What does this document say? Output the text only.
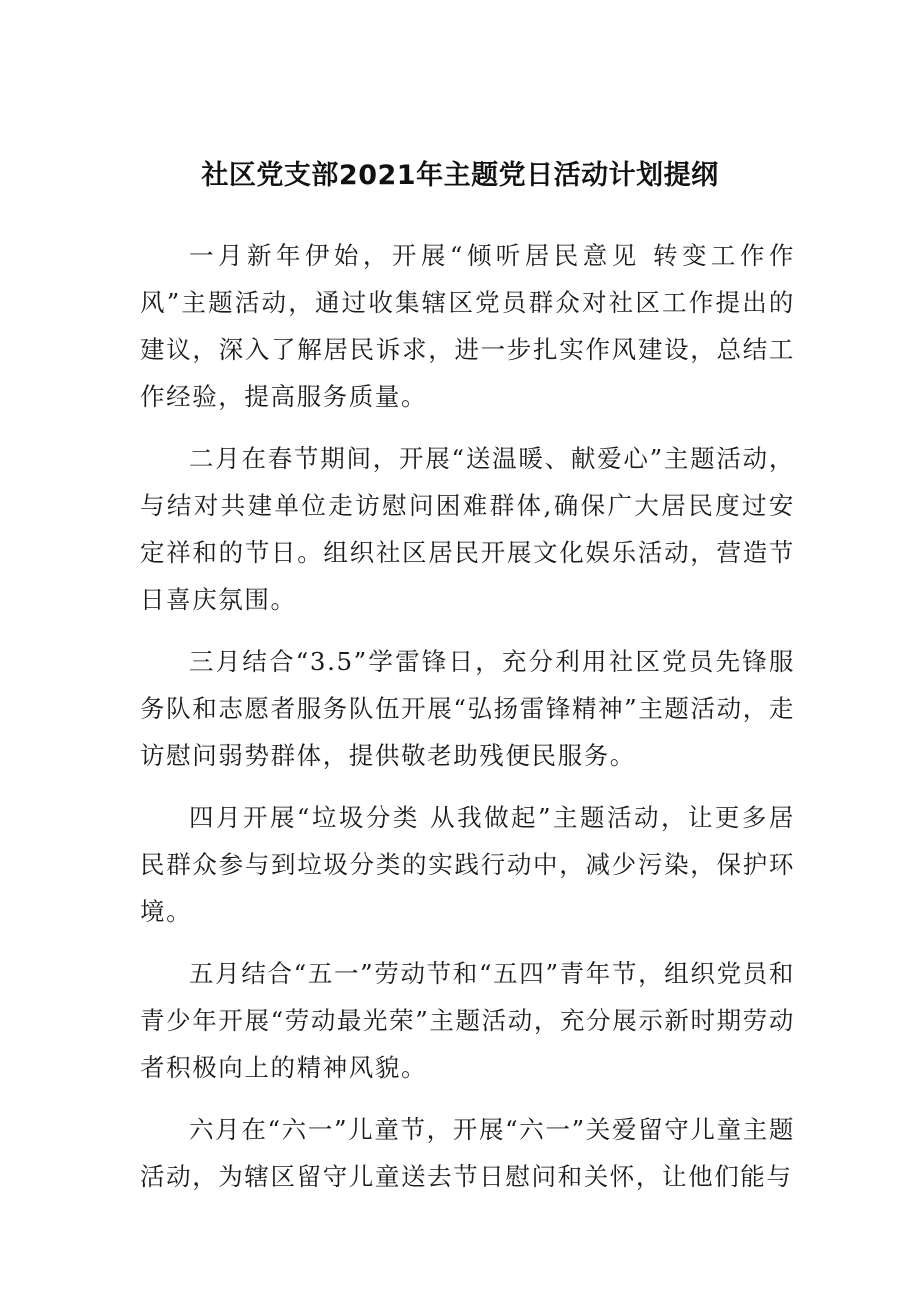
社区党支部2021年主题党日活动计划提纲

一月新年伊始，开展“倾听居民意见 转变工作作风”主题活动，通过收集辖区党员群众对社区工作提出的建议，深入了解居民诉求，进一步扎实作风建设，总结工作经验，提高服务质量。

二月在春节期间，开展“送温暖、献爱心”主题活动，与结对共建单位走访慰问困难群体,确保广大居民度过安定祥和的节日。组织社区居民开展文化娱乐活动，营造节日喜庆氛围。

三月结合“3.5”学雷锋日，充分利用社区党员先锋服务队和志愿者服务队伍开展“弘扬雷锋精神”主题活动，走访慰问弱势群体，提供敬老助残便民服务。

四月开展“垃圾分类 从我做起”主题活动，让更多居民群众参与到垃圾分类的实践行动中，减少污染，保护环境。

五月结合“五一”劳动节和“五四”青年节，组织党员和青少年开展“劳动最光荣”主题活动，充分展示新时期劳动者积极向上的精神风貌。

六月在“六一”儿童节，开展“六一”关爱留守儿童主题活动，为辖区留守儿童送去节日慰问和关怀，让他们能与
